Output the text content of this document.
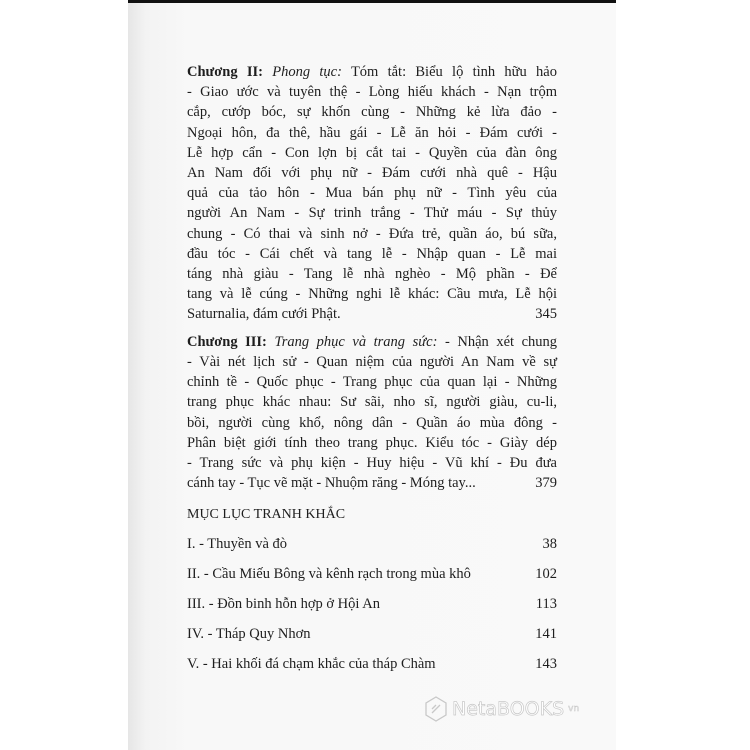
Chương II: Phong tục: Tóm tắt: Biểu lộ tình hữu hảo
- Giao ước và tuyên thệ - Lòng hiếu khách - Nạn trộm
cắp, cướp bóc, sự khốn cùng - Những kẻ lừa đảo -
Ngoại hôn, đa thê, hầu gái - Lễ ăn hỏi - Đám cưới -
Lễ hợp cẩn - Con lợn bị cắt tai - Quyền của đàn ông
An Nam đối với phụ nữ - Đám cưới nhà quê - Hậu
quả của tảo hôn - Mua bán phụ nữ - Tình yêu của
người An Nam - Sự trinh trắng - Thử máu - Sự thủy
chung - Có thai và sinh nở - Đứa trẻ, quần áo, bú sữa,
đầu tóc - Cái chết và tang lễ - Nhập quan - Lễ mai
táng nhà giàu - Tang lễ nhà nghèo - Mộ phần - Để
tang và lễ cúng - Những nghi lễ khác: Cầu mưa, Lễ hội
Saturnalia, đám cưới Phật.	345
Chương III: Trang phục và trang sức: - Nhận xét chung
- Vài nét lịch sử - Quan niệm của người An Nam về sự
chỉnh tề - Quốc phục - Trang phục của quan lại - Những
trang phục khác nhau: Sư sãi, nho sĩ, người giàu, cu-li,
bồi, người cùng khổ, nông dân - Quần áo mùa đông -
Phân biệt giới tính theo trang phục. Kiểu tóc - Giày dép
- Trang sức và phụ kiện - Huy hiệu - Vũ khí - Đu đưa
cánh tay - Tục vẽ mặt - Nhuộm răng - Móng tay...	379
MỤC LỤC TRANH KHẮC
I. - Thuyền và đò	38
II. - Cầu Miếu Bông và kênh rạch trong mùa khô	102
III. - Đồn binh hỗn hợp ở Hội An	113
IV. - Tháp Quy Nhơn	141
V. - Hai khối đá chạm khắc của tháp Chàm	143
NetaBOOKS vn
